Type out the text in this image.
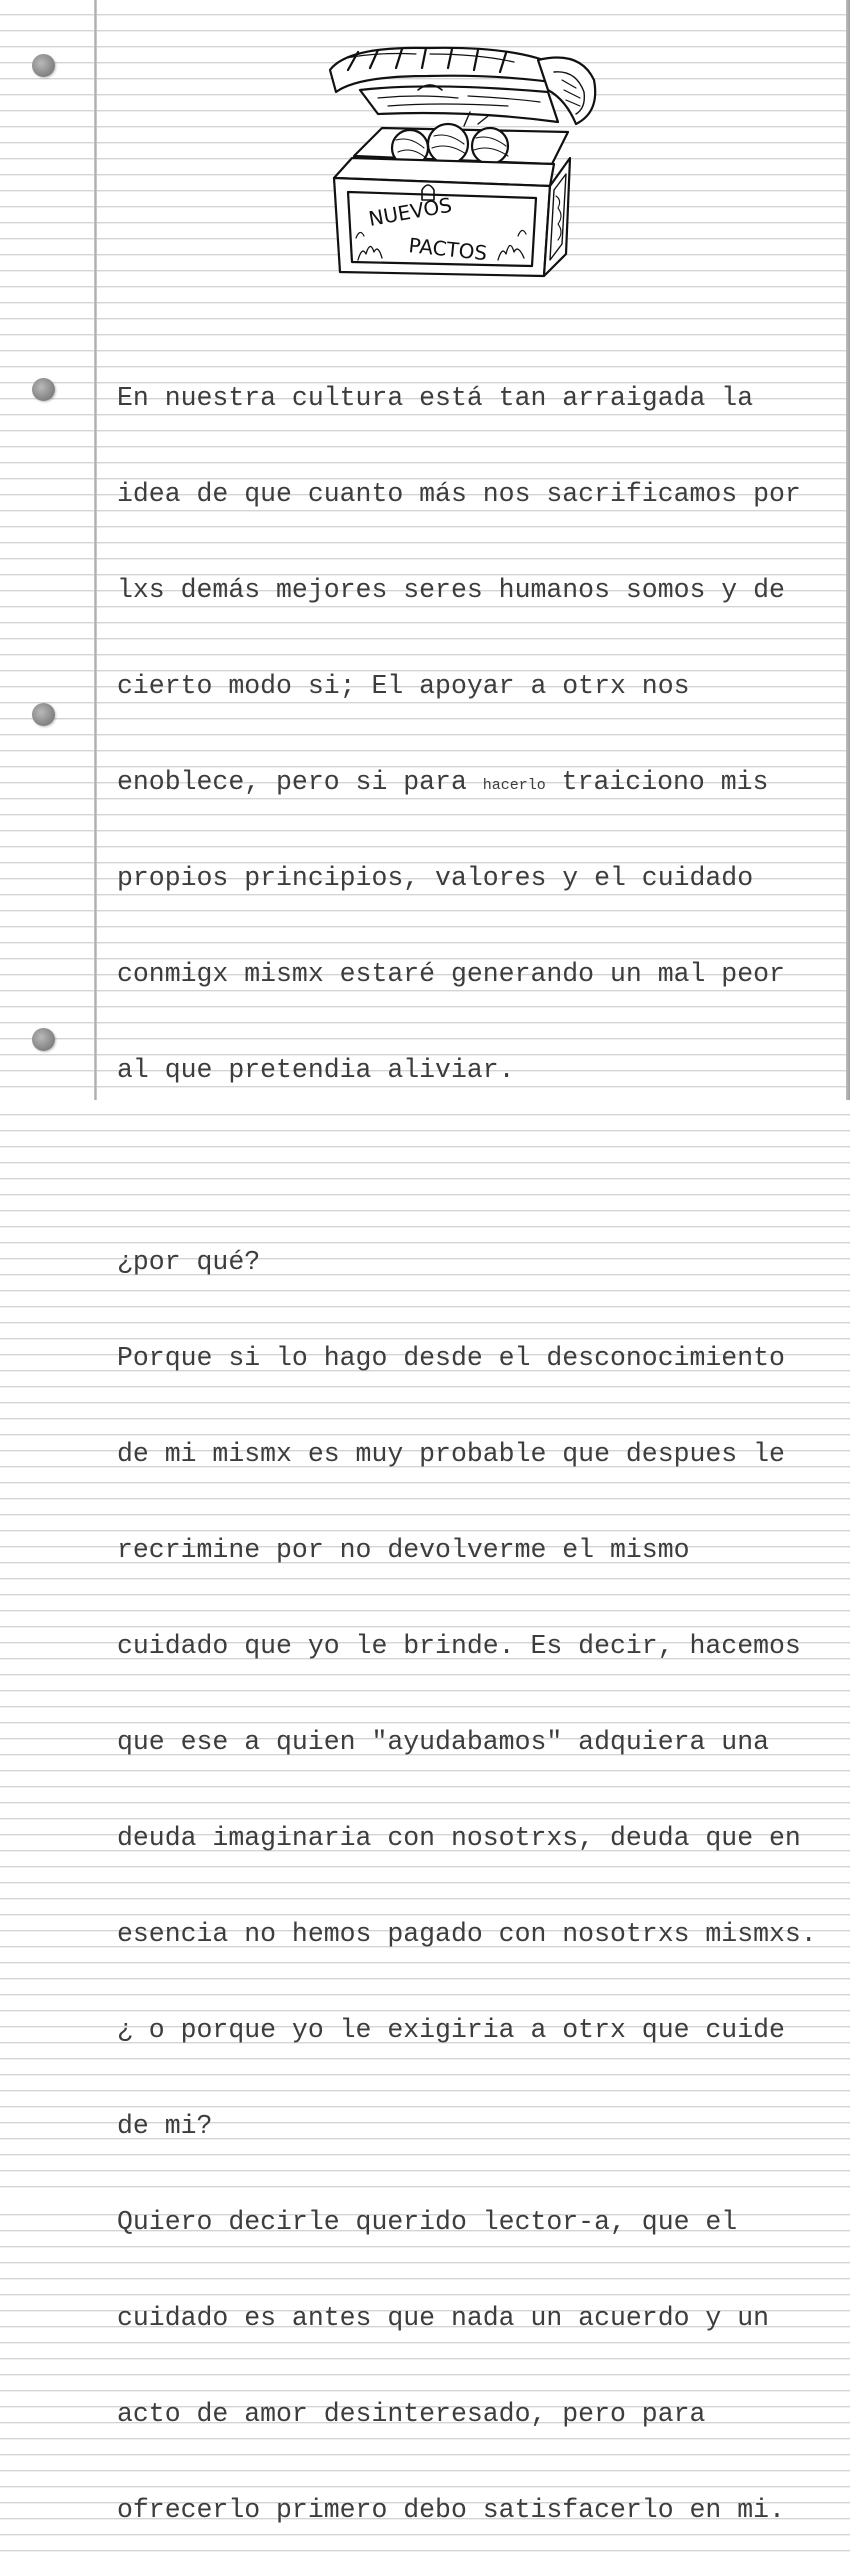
NUEVOS
PACTOS

En nuestra cultura está tan arraigada la

idea de que cuanto más nos sacrificamos por

lxs demás mejores seres humanos somos y de

cierto modo si; El apoyar a otrx nos

enoblece, pero si para hacerlo traiciono mis

propios principios, valores y el cuidado

conmigx mismx estaré generando un mal peor

al que pretendia aliviar.

¿por qué?

Porque si lo hago desde el desconocimiento

de mi mismx es muy probable que despues le

recrimine por no devolverme el mismo

cuidado que yo le brinde. Es decir, hacemos

que ese a quien "ayudabamos" adquiera una

deuda imaginaria con nosotrxs, deuda que en

esencia no hemos pagado con nosotrxs mismxs.

¿ o porque yo le exigiria a otrx que cuide

de mi?

Quiero decirle querido lector-a, que el

cuidado es antes que nada un acuerdo y un

acto de amor desinteresado, pero para

ofrecerlo primero debo satisfacerlo en mi.
